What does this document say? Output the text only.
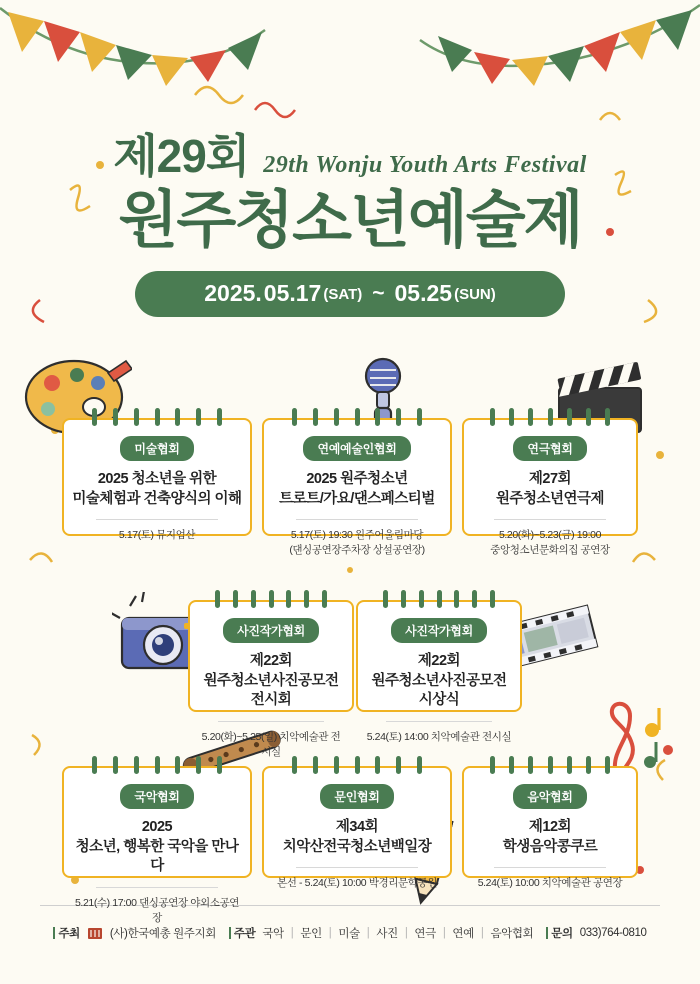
제29회 29th Wonju Youth Arts Festival
원주청소년예술제
2025. 05.17 (SAT) ~ 05.25 (SUN)
미술협회
2025 청소년을 위한
미술체험과 건축양식의 이해
5.17(토) 뮤지엄산
연예예술인협회
2025 원주청소년
트로트/가요/댄스페스티벌
5.17(토) 19:30 원주어울림마당
(댄싱공연장주차장 상설공연장)
연극협회
제27회
원주청소년연극제
5.20(화)~5.23(금) 19:00
중앙청소년문화의집 공연장
사진작가협회
제22회
원주청소년사진공모전
전시회
5.20(화)~5.25(일) 치악예술관 전시실
사진작가협회
제22회
원주청소년사진공모전
시상식
5.24(토) 14:00 치악예술관 전시실
국악협회
2025
청소년, 행복한 국악을 만나다
5.21(수) 17:00 댄싱공연장 야외소공연장
문인협회
제34회
치악산전국청소년백일장
본선 - 5.24(토) 10:00 박경리문학공원
음악협회
제12회
학생음악콩쿠르
5.24(토) 10:00 치악예술관 공연장
주최	(사)한국예총 원주지회	주관 국악 | 문인 | 미술 | 사진 | 연극 | 연예 | 음악협회	문의 033)764-0810
